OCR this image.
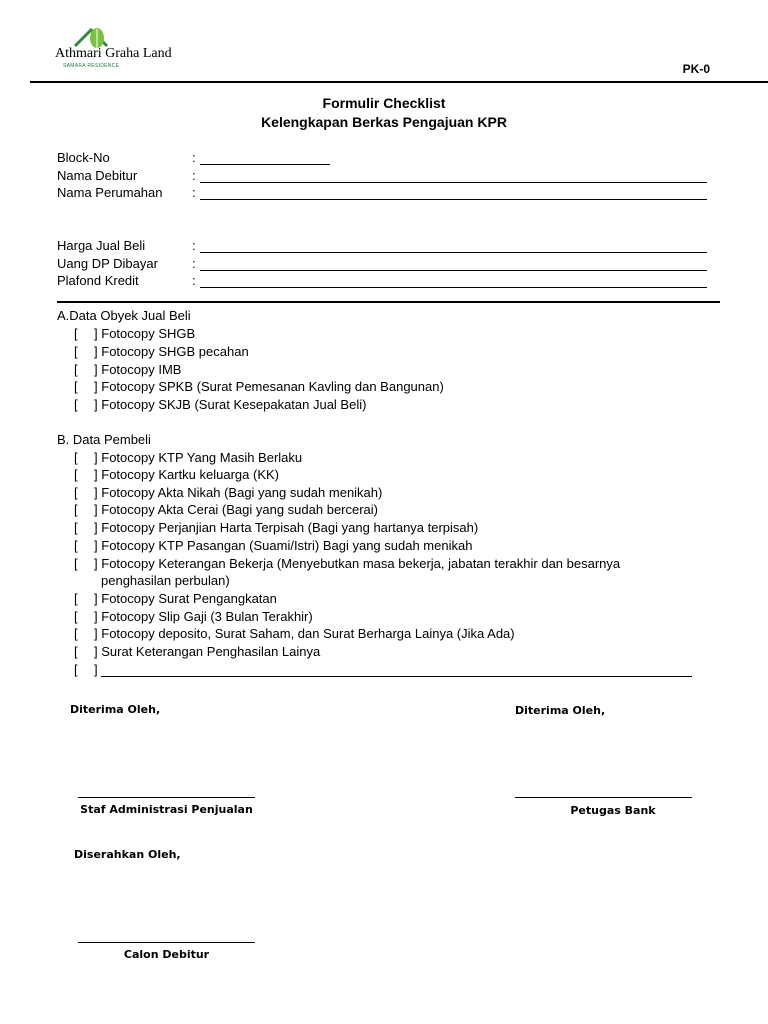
Athmari Graha Land
SAMARA RESIDENCE	PK-0
Formulir Checklist
Kelengkapan Berkas Pengajuan KPR
Block-No	:
Nama Debitur	:
Nama Perumahan :
Harga Jual Beli	:
Uang DP Dibayar	:
Plafond Kredit	:
A.Data Obyek Jual Beli
[ ] Fotocopy SHGB
[ ] Fotocopy SHGB pecahan
[ ] Fotocopy IMB
[ ] Fotocopy SPKB (Surat Pemesanan Kavling dan Bangunan)
[ ] Fotocopy SKJB (Surat Kesepakatan Jual Beli)
B. Data Pembeli
[ ] Fotocopy KTP Yang Masih Berlaku
[ ] Fotocopy Kartku keluarga (KK)
[ ] Fotocopy Akta Nikah (Bagi yang sudah menikah)
[ ] Fotocopy Akta Cerai (Bagi yang sudah bercerai)
[ ] Fotocopy Perjanjian Harta Terpisah (Bagi yang hartanya terpisah)
[ ] Fotocopy KTP Pasangan (Suami/Istri) Bagi yang sudah menikah
[ ] Fotocopy Keterangan Bekerja (Menyebutkan masa bekerja, jabatan terakhir dan besarnya
penghasilan perbulan)
[ ] Fotocopy Surat Pengangkatan
[ ] Fotocopy Slip Gaji (3 Bulan Terakhir)
[ ] Fotocopy deposito, Surat Saham, dan Surat Berharga Lainya (Jika Ada)
[ ] Surat Keterangan Penghasilan Lainya
[ ]
Diterima Oleh,	Diterima Oleh,
Staf Administrasi Penjualan	Petugas Bank
Diserahkan Oleh,
Calon Debitur
